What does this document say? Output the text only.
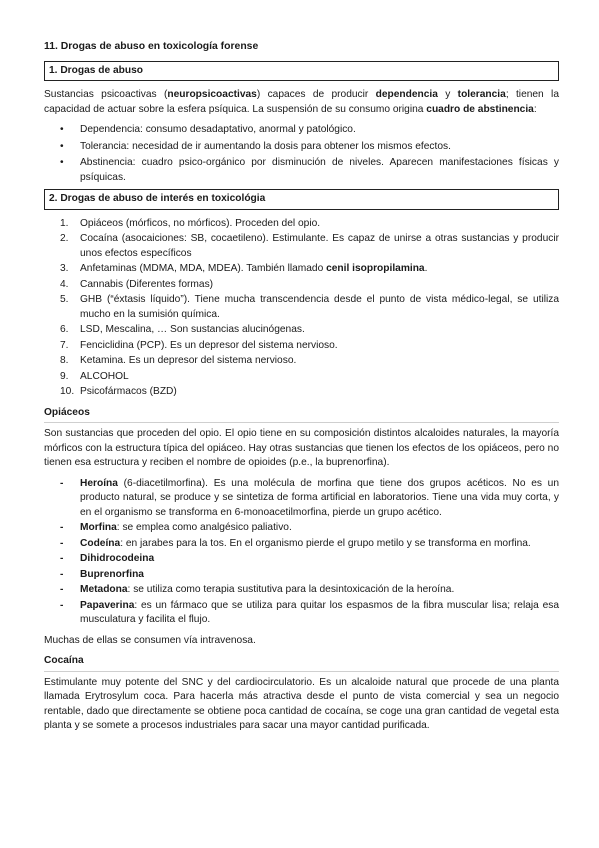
11. Drogas de abuso en toxicología forense
1. Drogas de abuso

Sustancias psicoactivas (neuropsicoactivas) capaces de producir dependencia y tolerancia; tienen la capacidad de actuar sobre la esfera psíquica. La suspensión de su consumo origina cuadro de abstinencia:

• Dependencia: consumo desadaptativo, anormal y patológico.
• Tolerancia: necesidad de ir aumentando la dosis para obtener los mismos efectos.
• Abstinencia: cuadro psico-orgánico por disminución de niveles. Aparecen manifestaciones físicas y psíquicas.
2. Drogas de abuso de interés en toxicológia
1. Opiáceos (mórficos, no mórficos). Proceden del opio.
2. Cocaína (asocaiciones: SB, cocaetileno). Estimulante. Es capaz de unirse a otras sustancias y producir unos efectos específicos
3. Anfetaminas (MDMA, MDA, MDEA). También llamado cenil isopropilamina.
4. Cannabis (Diferentes formas)
5. GHB (“éxtasis líquido”). Tiene mucha transcendencia desde el punto de vista médico-legal, se utiliza mucho en la sumisión química.
6. LSD, Mescalina, … Son sustancias alucinógenas.
7. Fenciclidina (PCP). Es un depresor del sistema nervioso.
8. Ketamina. Es un depresor del sistema nervioso.
9. ALCOHOL
10. Psicofármacos (BZD)
Opiáceos

Son sustancias que proceden del opio. El opio tiene en su composición distintos alcaloides naturales, la mayoría mórficos con la estructura típica del opiáceo. Hay otras sustancias que tienen los efectos de los opiáceos, pero no tienen esa estructura y reciben el nombre de opioides (p.e., la buprenorfina).

- Heroína (6-diacetilmorfina). Es una molécula de morfina que tiene dos grupos acéticos. No es un producto natural, se produce y se sintetiza de forma artificial en laboratorios. Tiene una vida muy corta, y en el organismo se transforma en 6-monoacetilmorfina, pierde un grupo acético.
- Morfina: se emplea como analgésico paliativo.
- Codeína: en jarabes para la tos. En el organismo pierde el grupo metilo y se transforma en morfina.
- Dihidrocodeina
- Buprenorfina
- Metadona: se utiliza como terapia sustitutiva para la desintoxicación de la heroína.
- Papaverina: es un fármaco que se utiliza para quitar los espasmos de la fibra muscular lisa; relaja esa musculatura y facilita el flujo.

Muchas de ellas se consumen vía intravenosa.

Cocaína

Estimulante muy potente del SNC y del cardiocirculatorio. Es un alcaloide natural que procede de una planta llamada Erytrosylum coca. Para hacerla más atractiva desde el punto de vista comercial y sea un negocio rentable, dado que directamente se obtiene poca cantidad de cocaína, se coge una gran cantidad de vegetal esta planta y se somete a procesos industriales para sacar una mayor cantidad purificada.
